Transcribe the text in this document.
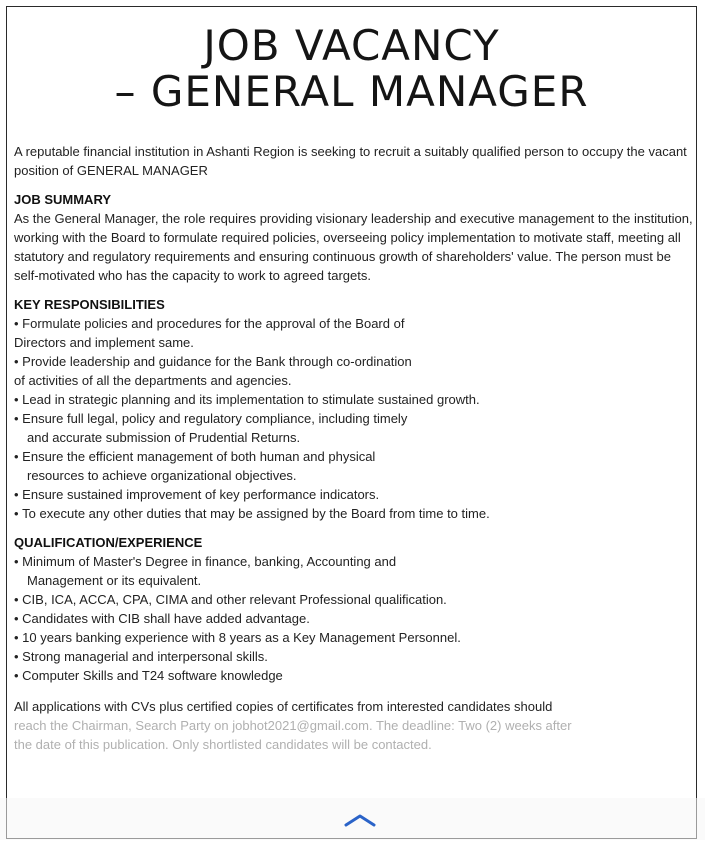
JOB VACANCY
– GENERAL MANAGER

A reputable financial institution in Ashanti Region is seeking to recruit a suitably qualified person to occupy the vacant position of GENERAL MANAGER

JOB SUMMARY

As the General Manager, the role requires providing visionary leadership and executive management to the institution, working with the Board to formulate required policies, overseeing policy implementation to motivate staff, meeting all statutory and regulatory requirements and ensuring continuous growth of shareholders' value. The person must be self-motivated who has the capacity to work to agreed targets.

KEY RESPONSIBILITIES

• Formulate policies and procedures for the approval of the Board of
Directors and implement same.
• Provide leadership and guidance for the Bank through co-ordination
of activities of all the departments and agencies.
• Lead in strategic planning and its implementation to stimulate sustained growth.
• Ensure full legal, policy and regulatory compliance, including timely
and accurate submission of Prudential Returns.
• Ensure the efficient management of both human and physical
resources to achieve organizational objectives.
• Ensure sustained improvement of key performance indicators.
• To execute any other duties that may be assigned by the Board from time to time.

QUALIFICATION/EXPERIENCE

• Minimum of Master's Degree in finance, banking, Accounting and
Management or its equivalent.
• CIB, ICA, ACCA, CPA, CIMA and other relevant Professional qualification.
• Candidates with CIB shall have added advantage.
• 10 years banking experience with 8 years as a Key Management Personnel.
• Strong managerial and interpersonal skills.
• Computer Skills and T24 software knowledge
All applications with CVs plus certified copies of certificates from interested candidates should
reach the Chairman, Search Party on jobhot2021@gmail.com. The deadline: Two (2) weeks after
the date of this publication. Only shortlisted candidates will be contacted.
